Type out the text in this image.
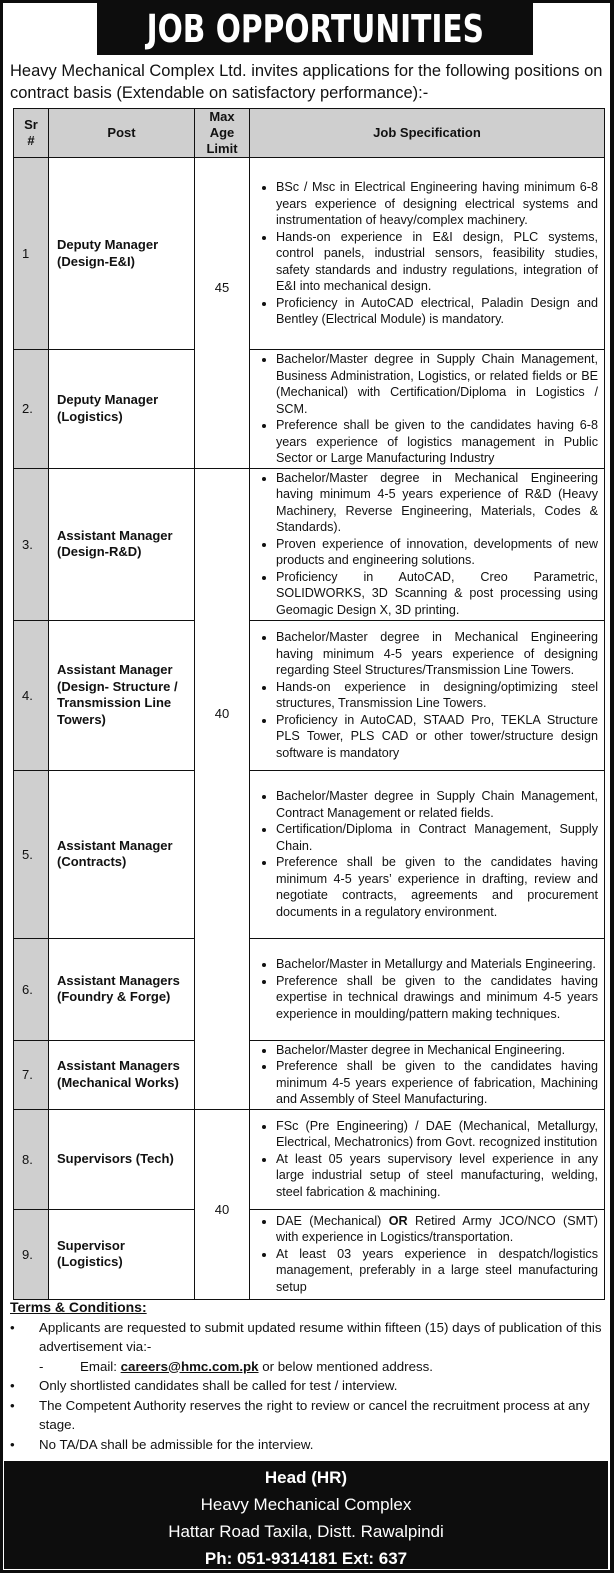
JOB OPPORTUNITIES
Heavy Mechanical Complex Ltd. invites applications for the following positions on contract basis (Extendable on satisfactory performance):-
Sr #	Post	Max Age Limit	Job Specification
1	Deputy Manager (Design-E&I)	45	
• BSc / Msc in Electrical Engineering having minimum 6-8 years experience of designing electrical systems and instrumentation of heavy/complex machinery.
• Hands-on experience in E&I design, PLC systems, control panels, industrial sensors, feasibility studies, safety standards and industry regulations, integration of E&I into mechanical design.
• Proficiency in AutoCAD electrical, Paladin Design and Bentley (Electrical Module) is mandatory.

2.	Deputy Manager (Logistics)	
• Bachelor/Master degree in Supply Chain Management, Business Administration, Logistics, or related fields or BE (Mechanical) with Certification/Diploma in Logistics / SCM.
• Preference shall be given to the candidates having 6-8 years experience of logistics management in Public Sector or Large Manufacturing Industry

3.	Assistant Manager (Design-R&D)	40	
• Bachelor/Master degree in Mechanical Engineering having minimum 4-5 years experience of R&D (Heavy Machinery, Reverse Engineering, Materials, Codes & Standards).
• Proven experience of innovation, developments of new products and engineering solutions.
• Proficiency in AutoCAD, Creo Parametric, SOLIDWORKS, 3D Scanning & post processing using Geomagic Design X, 3D printing.

4.	Assistant Manager (Design- Structure / Transmission Line Towers)	
• Bachelor/Master degree in Mechanical Engineering having minimum 4-5 years experience of designing regarding Steel Structures/Transmission Line Towers.
• Hands-on experience in designing/optimizing steel structures, Transmission Line Towers.
• Proficiency in AutoCAD, STAAD Pro, TEKLA Structure PLS Tower, PLS CAD or other tower/structure design software is mandatory

5.	Assistant Manager (Contracts)	
• Bachelor/Master degree in Supply Chain Management, Contract Management or related fields.
• Certification/Diploma in Contract Management, Supply Chain.
• Preference shall be given to the candidates having minimum 4-5 years’ experience in drafting, review and negotiate contracts, agreements and procurement documents in a regulatory environment.

6.	Assistant Managers (Foundry & Forge)	
• Bachelor/Master in Metallurgy and Materials Engineering.
• Preference shall be given to the candidates having expertise in technical drawings and minimum 4-5 years experience in moulding/pattern making techniques.

7.	Assistant Managers (Mechanical Works)	
• Bachelor/Master degree in Mechanical Engineering.
• Preference shall be given to the candidates having minimum 4-5 years experience of fabrication, Machining and Assembly of Steel Manufacturing.

8.	Supervisors (Tech)	40	
• FSc (Pre Engineering) / DAE (Mechanical, Metallurgy, Electrical, Mechatronics) from Govt. recognized institution
• At least 05 years supervisory level experience in any large industrial setup of steel manufacturing, welding, steel fabrication & machining.

9.	Supervisor (Logistics)	
• DAE (Mechanical) OR Retired Army JCO/NCO (SMT) with experience in Logistics/transportation.
• At least 03 years experience in despatch/logistics management, preferably in a large steel manufacturing setup
Terms & Conditions:
• Applicants are requested to submit updated resume within fifteen (15) days of publication of this advertisement via:-
-	Email: careers@hmc.com.pk or below mentioned address.
• Only shortlisted candidates shall be called for test / interview.
• The Competent Authority reserves the right to review or cancel the recruitment process at any stage.
• No TA/DA shall be admissible for the interview.
Head (HR)
Heavy Mechanical Complex
Hattar Road Taxila, Distt. Rawalpindi
Ph: 051-9314181 Ext: 637
